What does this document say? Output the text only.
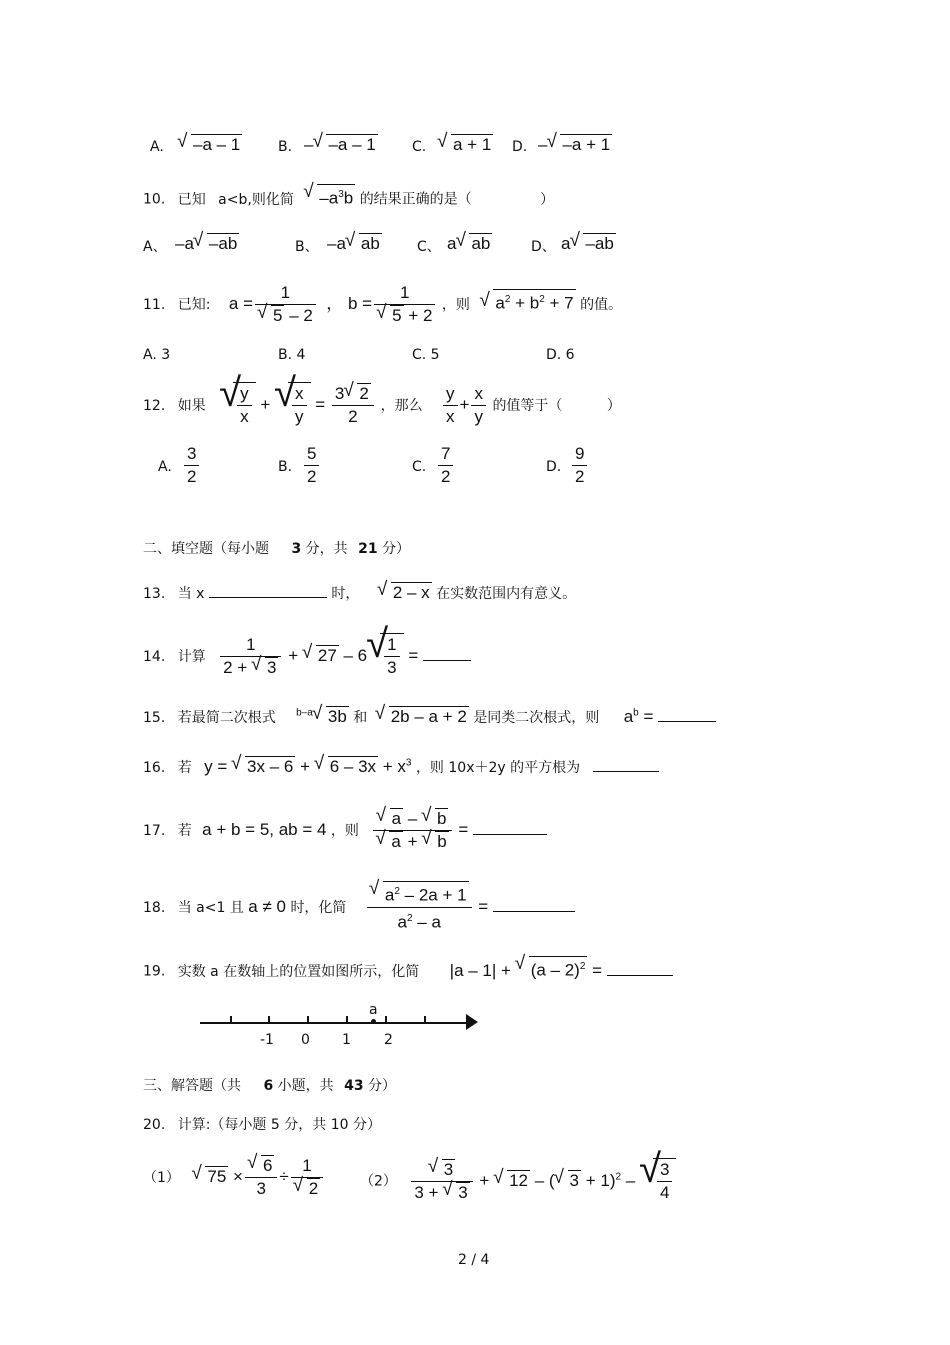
A.	√ –a – 1	B. – √ –a – 1	C.	√ a + 1 D. – √ –a + 1
10. 已知 a<b,则化简 √ $-a^3b$ 的结果正确的是（	）
A、 –a √ –ab	B、 –a √ ab	C、 a √ ab	D、 a √ –ab
11. 已知: a = 1
√ 5 – 2 ， b = 1
√ 5 + 2 ，则 √ $a^2 + b^2 + 7$ 的值。
A. 3	B. 4	C. 5	D. 6
12. 如果 √ $\frac{y}{x}$ + √ $\frac{x}{y} = \frac{3 √ 2}{2}$ ，那么 $\frac{y}{x} + \frac{x}{y}$ 的值等于（	）
A. $\frac{3}{2}$	B. $\frac{5}{2}$	C. $\frac{7}{2}$	D. $\frac{9}{2}$
二、填空题（每小题 3 分，共 21 分）
13. 当 x	时， √ 2 – x 在实数范围内有意义。
14. 计算 $\frac{1}{2 + √ 3}$ + √ 27 – 6 √ $\frac{1}{3}$ =
15. 若最简二次根式 $^{b-a}$ √ 3b 和 √ 2b – a + 2 是同类二次根式，则 $a^b$ =
16. 若 y = √ 3x – 6 + √ $6 - 3x + x^3$ ，则 10x＋2y 的平方根为
17. 若 a + b = 5, ab = 4 ，则 √ a – √ b
√ a + √ b =
18. 当 a<1 且 a ≠ 0 时，化简 √ $\frac{a^2 - 2a + 1}{a^2 - a}$ =
19. 实数 a 在数轴上的位置如图所示，化简 |a – 1| + √ (a – 2)$^2$ =
a
-1 0 1 2
三、解答题（共 6 小题，共 43 分）
20. 计算:（每小题 5 分，共 10 分）
（1） √ 75 × √ $\frac{6}{3} \div 1$
√ 2	（2） √ $\frac{3}{3 + √ 3}$ + √ 12 – ( √ 3 + 1)$^2$ – √ $\frac{3}{4}$
2 / 4
